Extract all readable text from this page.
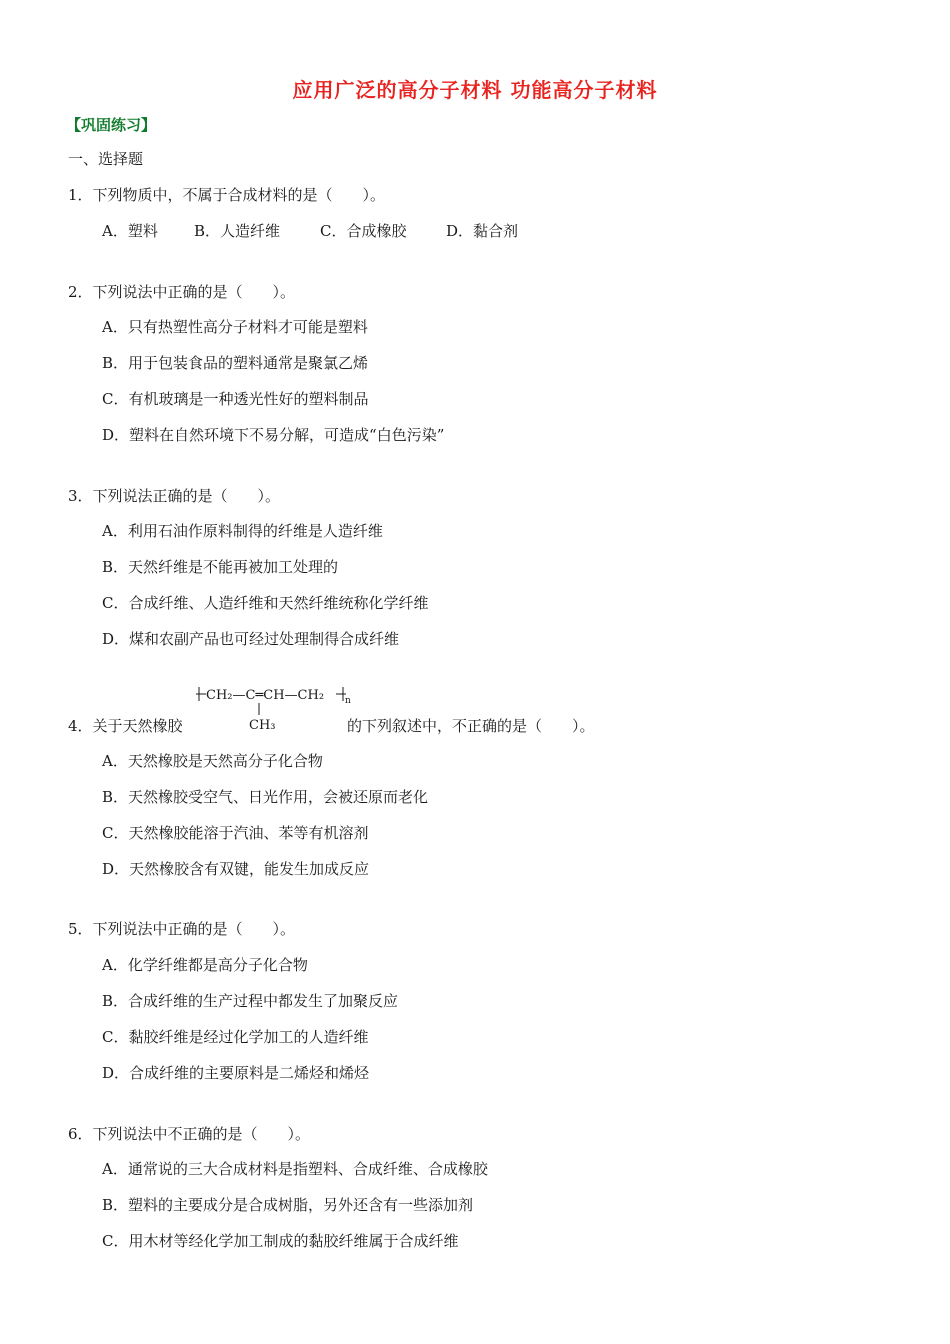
应用广泛的高分子材料 功能高分子材料
【巩固练习】
一、选择题
1．下列物质中，不属于合成材料的是（　　）。
A．塑料 B．人造纤维	C．合成橡胶	D．黏合剂
2．下列说法中正确的是（　　）。
A．只有热塑性高分子材料才可能是塑料
B．用于包装食品的塑料通常是聚氯乙烯
C．有机玻璃是一种透光性好的塑料制品
D．塑料在自然环境下不易分解，可造成“白色污染”
3．下列说法正确的是（　　）。
A．利用石油作原料制得的纤维是人造纤维
B．天然纤维是不能再被加工处理的
C．合成纤维、人造纤维和天然纤维统称化学纤维
D．煤和农副产品也可经过处理制得合成纤维
CH₂—C═CH—CH₂ n
CH₃
4．关于天然橡胶	的下列叙述中，不正确的是（　　）。
A．天然橡胶是天然高分子化合物
B．天然橡胶受空气、日光作用，会被还原而老化
C．天然橡胶能溶于汽油、苯等有机溶剂
D．天然橡胶含有双键，能发生加成反应
5．下列说法中正确的是（　　）。
A．化学纤维都是高分子化合物
B．合成纤维的生产过程中都发生了加聚反应
C．黏胶纤维是经过化学加工的人造纤维
D．合成纤维的主要原料是二烯烃和烯烃
6．下列说法中不正确的是（　　）。
A．通常说的三大合成材料是指塑料、合成纤维、合成橡胶
B．塑料的主要成分是合成树脂，另外还含有一些添加剂
C．用木材等经化学加工制成的黏胶纤维属于合成纤维
